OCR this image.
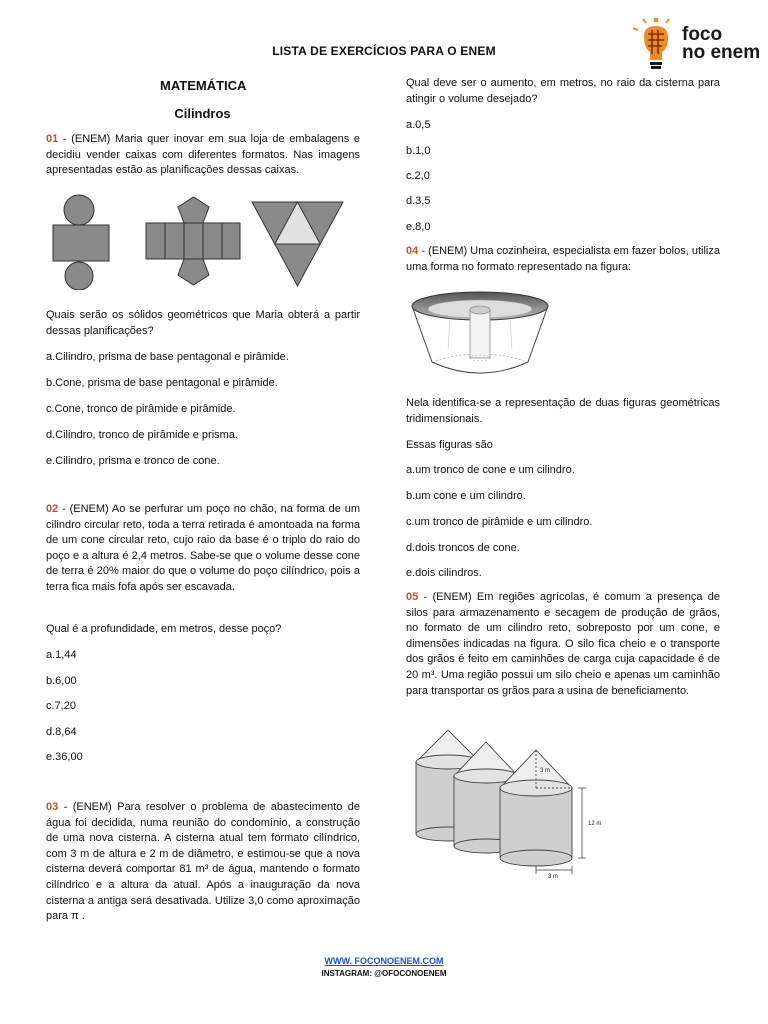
LISTA DE EXERCÍCIOS PARA O ENEM
foco
no enem
MATEMÁTICA
Cilindros

01 - (ENEM) Maria quer inovar em sua loja de embalagens e decidiu vender caixas com diferentes formatos. Nas imagens apresentadas estão as planificações dessas caixas.

Quais serão os sólidos geométricos que Maria obterá a partir dessas planificações?

a.Cilindro, prisma de base pentagonal e pirâmide.
b.Cone, prisma de base pentagonal e pirâmide.
c.Cone, tronco de pirâmide e pirâmide.
d.Cilindro, tronco de pirâmide e prisma.
e.Cilindro, prisma e tronco de cone.

02 - (ENEM) Ao se perfurar um poço no chão, na forma de um cilindro circular reto, toda a terra retirada é amontoada na forma de um cone circular reto, cujo raio da base é o triplo do raio do poço e a altura é 2,4 metros. Sabe-se que o volume desse cone de terra é 20% maior do que o volume do poço cilíndrico, pois a terra fica mais fofa após ser escavada.

Qual é a profundidade, em metros, desse poço?

a.1,44
b.6,00
c.7,20
d.8,64
e.36,00

03 - (ENEM) Para resolver o problema de abastecimento de água foi decidida, numa reunião do condomínio, a construção de uma nova cisterna. A cisterna atual tem formato cilíndrico, com 3 m de altura e 2 m de diâmetro, e estimou-se que a nova cisterna deverá comportar 81 m³ de água, mantendo o formato cilíndrico e a altura da atual. Após a inauguração da nova cisterna a antiga será desativada. Utilize 3,0 como aproximação para π .

Qual deve ser o aumento, em metros, no raio da cisterna para atingir o volume desejado?

a.0,5
b.1,0
c.2,0
d.3,5
e.8,0

04 - (ENEM) Uma cozinheira, especialista em fazer bolos, utiliza uma forma no formato representado na figura:

Nela identifica-se a representação de duas figuras geométricas tridimensionais.

Essas figuras são
a.um tronco de cone e um cilindro.
b.um cone e um cilindro.
c.um tronco de pirâmide e um cilindro.
d.dois troncos de cone.
e.dois cilindros.

05 - (ENEM) Em regiões agrícolas, é comum a presença de silos para armazenamento e secagem de produção de grãos, no formato de um cilindro reto, sobreposto por um cone, e dimensões indicadas na figura. O silo fica cheio e o transporte dos grãos é feito em caminhões de carga cuja capacidade é de 20 m³. Uma região possui um silo cheio e apenas um caminhão para transportar os grãos para a usina de beneficiamento.

3 m
12 m
3 m
WWW. FOCONOENEM.COM
INSTAGRAM: @OFOCONOENEM
